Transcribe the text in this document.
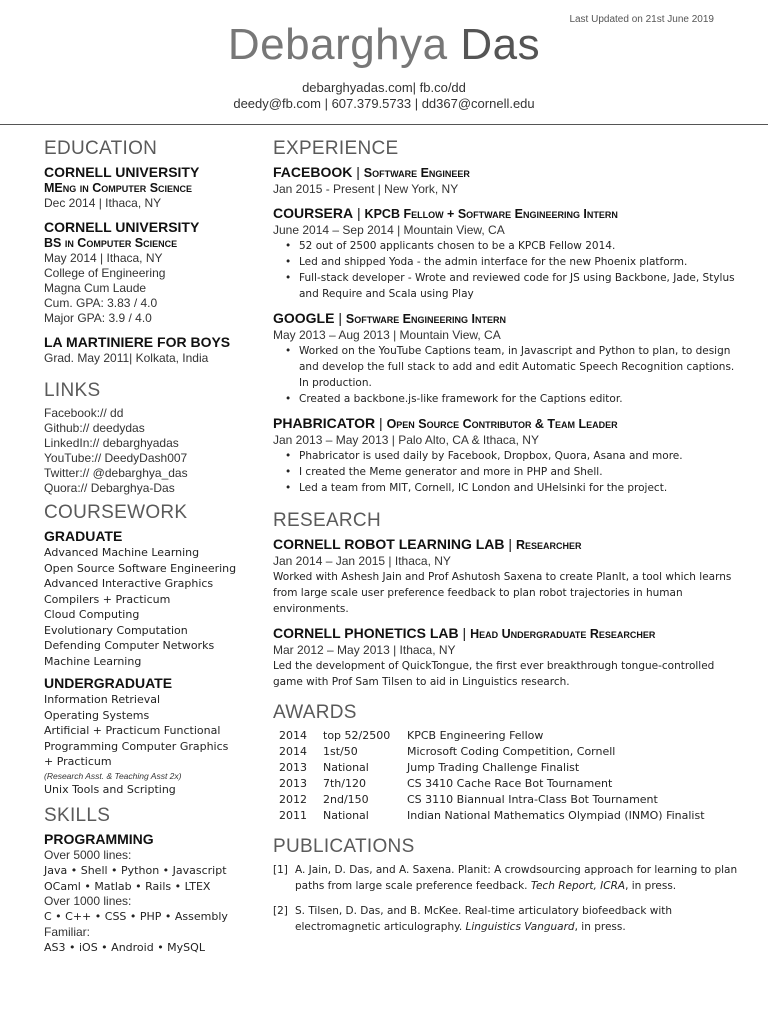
Last Updated on 21st June 2019
Debarghya Das
debarghyadas.com| fb.co/dd
deedy@fb.com | 607.379.5733 | dd367@cornell.edu
EDUCATION
CORNELL UNIVERSITY
MEng in Computer Science
Dec 2014 | Ithaca, NY
CORNELL UNIVERSITY
BS in Computer Science
May 2014 | Ithaca, NY
College of Engineering
Magna Cum Laude
Cum. GPA: 3.83 / 4.0
Major GPA: 3.9 / 4.0
LA MARTINIERE FOR BOYS
Grad. May 2011| Kolkata, India
LINKS
Facebook:// dd
Github:// deedydas
LinkedIn:// debarghyadas
YouTube:// DeedyDash007
Twitter:// @debarghya_das
Quora:// Debarghya-Das
COURSEWORK
GRADUATE
Advanced Machine Learning
Open Source Software Engineering
Advanced Interactive Graphics
Compilers + Practicum
Cloud Computing
Evolutionary Computation
Defending Computer Networks
Machine Learning
UNDERGRADUATE
Information Retrieval
Operating Systems
Artificial + Practicum Functional
Programming Computer Graphics
+ Practicum
(Research Asst. & Teaching Asst 2x)
Unix Tools and Scripting
SKILLS
PROGRAMMING
Over 5000 lines:
Java • Shell • Python • Javascript
OCaml • Matlab • Rails • LTEX
Over 1000 lines:
C • C++ • CSS • PHP • Assembly
Familiar:
AS3 • iOS • Android • MySQL
EXPERIENCE
FACEBOOK | Software Engineer
Jan 2015 - Present | New York, NY
COURSERA | KPCB Fellow + Software Engineering Intern
June 2014 – Sep 2014 | Mountain View, CA
• 52 out of 2500 applicants chosen to be a KPCB Fellow 2014.
• Led and shipped Yoda - the admin interface for the new Phoenix platform.
• Full-stack developer - Wrote and reviewed code for JS using Backbone, Jade, Stylus and Require and Scala using Play
GOOGLE | Software Engineering Intern
May 2013 – Aug 2013 | Mountain View, CA
• Worked on the YouTube Captions team, in Javascript and Python to plan, to design and develop the full stack to add and edit Automatic Speech Recognition captions. In production.
• Created a backbone.js-like framework for the Captions editor.
PHABRICATOR | Open Source Contributor & Team Leader
Jan 2013 – May 2013 | Palo Alto, CA & Ithaca, NY
• Phabricator is used daily by Facebook, Dropbox, Quora, Asana and more.
• I created the Meme generator and more in PHP and Shell.
• Led a team from MIT, Cornell, IC London and UHelsinki for the project.
RESEARCH
CORNELL ROBOT LEARNING LAB | Researcher
Jan 2014 – Jan 2015 | Ithaca, NY
Worked with Ashesh Jain and Prof Ashutosh Saxena to create PlanIt, a tool which learns from large scale user preference feedback to plan robot trajectories in human environments.
CORNELL PHONETICS LAB | Head Undergraduate Researcher
Mar 2012 – May 2013 | Ithaca, NY
Led the development of QuickTongue, the first ever breakthrough tongue-controlled game with Prof Sam Tilsen to aid in Linguistics research.
AWARDS
2014	top 52/2500	KPCB Engineering Fellow
2014	1st/50	Microsoft Coding Competition, Cornell
2013	National	Jump Trading Challenge Finalist
2013	7th/120	CS 3410 Cache Race Bot Tournament
2012	2nd/150	CS 3110 Biannual Intra-Class Bot Tournament
2011	National	Indian National Mathematics Olympiad (INMO) Finalist
PUBLICATIONS
[1] A. Jain, D. Das, and A. Saxena. Planit: A crowdsourcing approach for learning to plan paths from large scale preference feedback. Tech Report, ICRA, in press.
[2] S. Tilsen, D. Das, and B. McKee. Real-time articulatory biofeedback with electromagnetic articulography. Linguistics Vanguard, in press.
